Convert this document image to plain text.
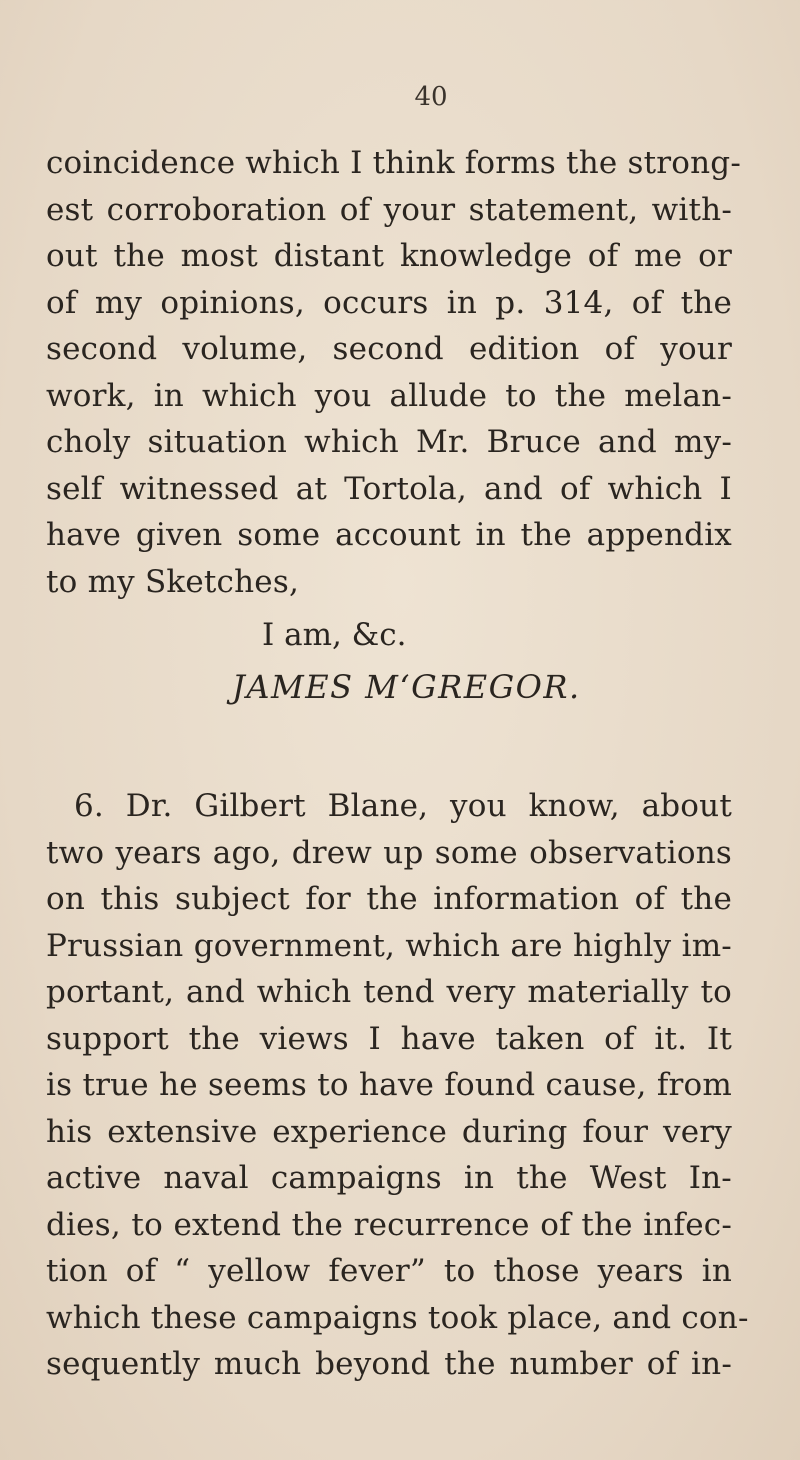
40
coincidence which I think forms the strong-
est corroboration of your statement, with-
out the most distant knowledge of me or
of my opinions, occurs in p. 314, of the
second volume, second edition of your
work, in which you allude to the melan-
choly situation which Mr. Bruce and my-
self witnessed at Tortola, and of which I
have given some account in the appendix
to my Sketches,
I am, &c.
JAMES M‘GREGOR.
6. Dr. Gilbert Blane, you know, about
two years ago, drew up some observations
on this subject for the information of the
Prussian government, which are highly im-
portant, and which tend very materially to
support the views I have taken of it. It
is true he seems to have found cause, from
his extensive experience during four very
active naval campaigns in the West In-
dies, to extend the recurrence of the infec-
tion of “ yellow fever” to those years in
which these campaigns took place, and con-
sequently much beyond the number of in-
